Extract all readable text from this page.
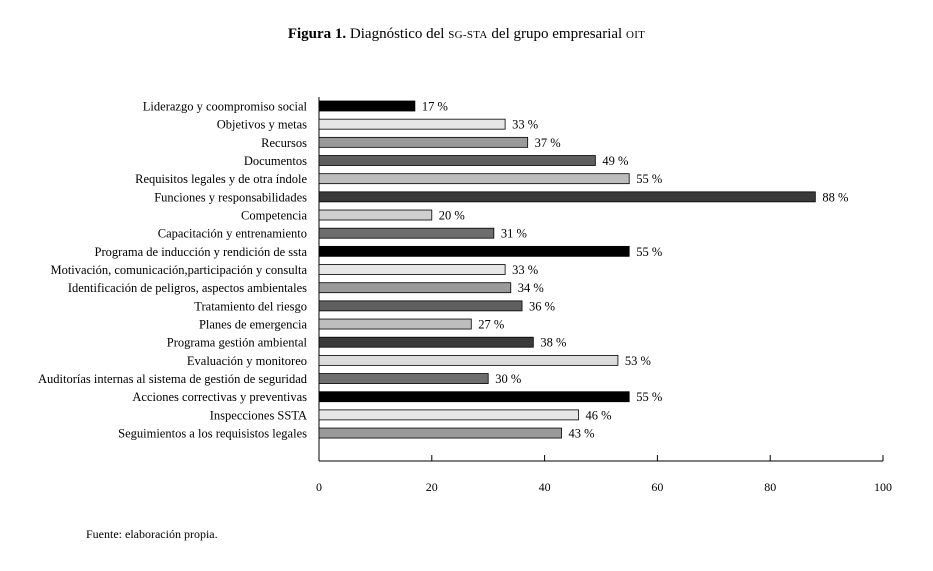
Figura 1. Diagnóstico del SG-STA del grupo empresarial OIT
0	20	40	60	80	100
Liderazgo y coompromiso social	17 %
Objetivos y metas	33 %
Recursos	37 %
Documentos	49 %
Requisitos legales y de otra índole	55 %
Funciones y responsabilidades	88 %
Competencia	20 %
Capacitación y entrenamiento	31 %
Programa de inducción y rendición de ssta	55 %
Motivación, comunicación,participación y consulta	33 %
Identificación de peligros, aspectos ambientales	34 %
Tratamiento del riesgo	36 %
Planes de emergencia	27 %
Programa gestión ambiental	38 %
Evaluación y monitoreo	53 %
Auditorías internas al sistema de gestión de seguridad	30 %
Acciones correctivas y preventivas	55 %
Inspecciones SSTA	46 %
Seguimientos a los requisistos legales	43 %
Fuente: elaboración propia.
